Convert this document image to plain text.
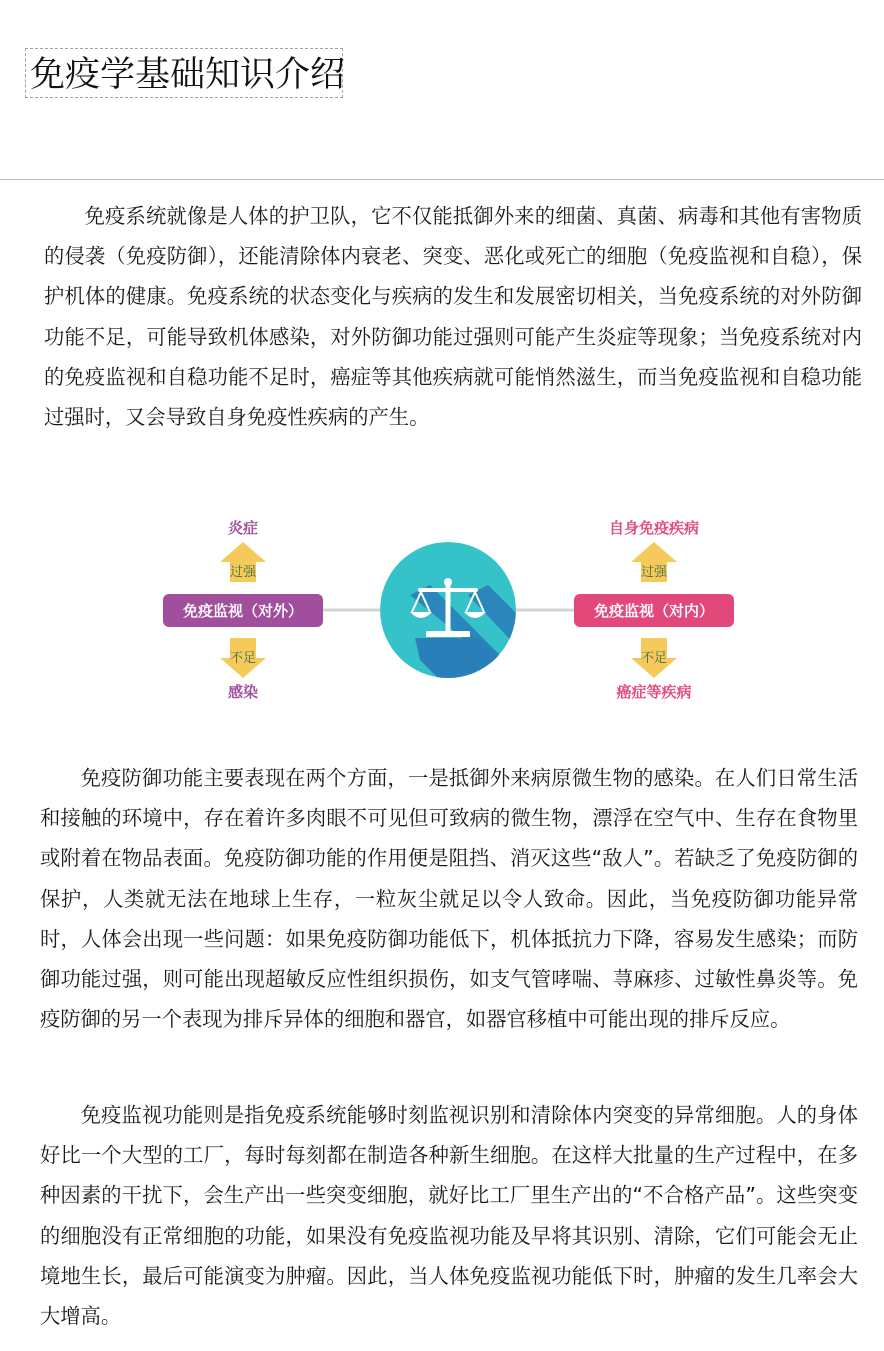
免疫学基础知识介绍

免疫系统就像是人体的护卫队，它不仅能抵御外来的细菌、真菌、病毒和其他有害物质的侵袭（免疫防御），还能清除体内衰老、突变、恶化或死亡的细胞（免疫监视和自稳），保护机体的健康。免疫系统的状态变化与疾病的发生和发展密切相关，当免疫系统的对外防御功能不足，可能导致机体感染，对外防御功能过强则可能产生炎症等现象；当免疫系统对内的免疫监视和自稳功能不足时，癌症等其他疾病就可能悄然滋生，而当免疫监视和自稳功能过强时，又会导致自身免疫性疾病的产生。

免疫监视（对外）
炎症
过强
不足
感染
免疫监视（对内）
自身免疫疾病
过强
不足
癌症等疾病

免疫防御功能主要表现在两个方面，一是抵御外来病原微生物的感染。在人们日常生活和接触的环境中，存在着许多肉眼不可见但可致病的微生物，漂浮在空气中、生存在食物里或附着在物品表面。免疫防御功能的作用便是阻挡、消灭这些“敌人”。若缺乏了免疫防御的保护，人类就无法在地球上生存，一粒灰尘就足以令人致命。因此，当免疫防御功能异常时，人体会出现一些问题：如果免疫防御功能低下，机体抵抗力下降，容易发生感染；而防御功能过强，则可能出现超敏反应性组织损伤，如支气管哮喘、荨麻疹、过敏性鼻炎等。免疫防御的另一个表现为排斥异体的细胞和器官，如器官移植中可能出现的排斥反应。

免疫监视功能则是指免疫系统能够时刻监视识别和清除体内突变的异常细胞。人的身体好比一个大型的工厂，每时每刻都在制造各种新生细胞。在这样大批量的生产过程中，在多种因素的干扰下，会生产出一些突变细胞，就好比工厂里生产出的“不合格产品”。这些突变的细胞没有正常细胞的功能，如果没有免疫监视功能及早将其识别、清除，它们可能会无止境地生长，最后可能演变为肿瘤。因此，当人体免疫监视功能低下时，肿瘤的发生几率会大大增高。
